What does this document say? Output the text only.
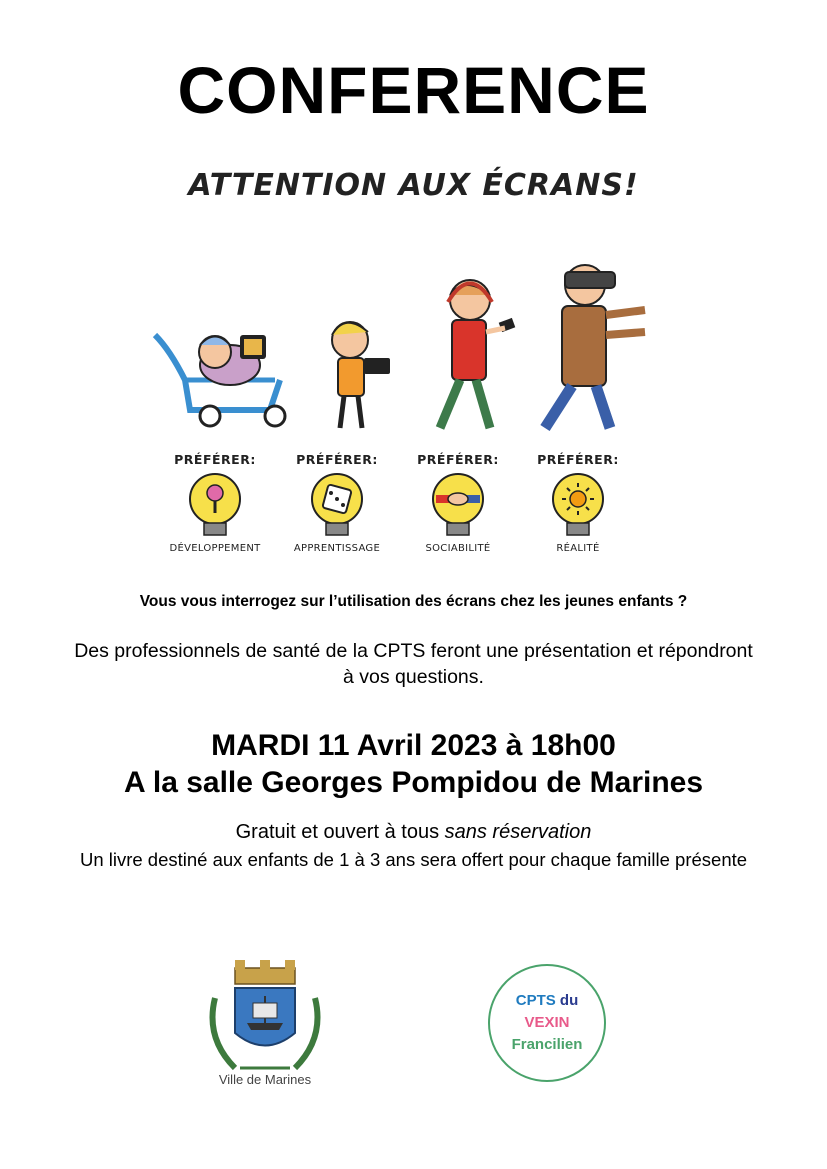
CONFERENCE
ATTENTION AUX ÉCRANS!
PRÉFÉRER:
DÉVELOPPEMENT
PRÉFÉRER:
APPRENTISSAGE
PRÉFÉRER:
SOCIABILITÉ
PRÉFÉRER:
RÉALITÉ
Vous vous interrogez sur l’utilisation des écrans chez les jeunes enfants ?
Des professionnels de santé de la CPTS feront une présentation et répondront à vos questions.
MARDI 11 Avril 2023 à 18h00
A la salle Georges Pompidou de Marines
Gratuit et ouvert à tous sans réservation
Un livre destiné aux enfants de 1 à 3 ans sera offert pour chaque famille présente
Ville de Marines
CPTS du
VEXIN
Francilien
